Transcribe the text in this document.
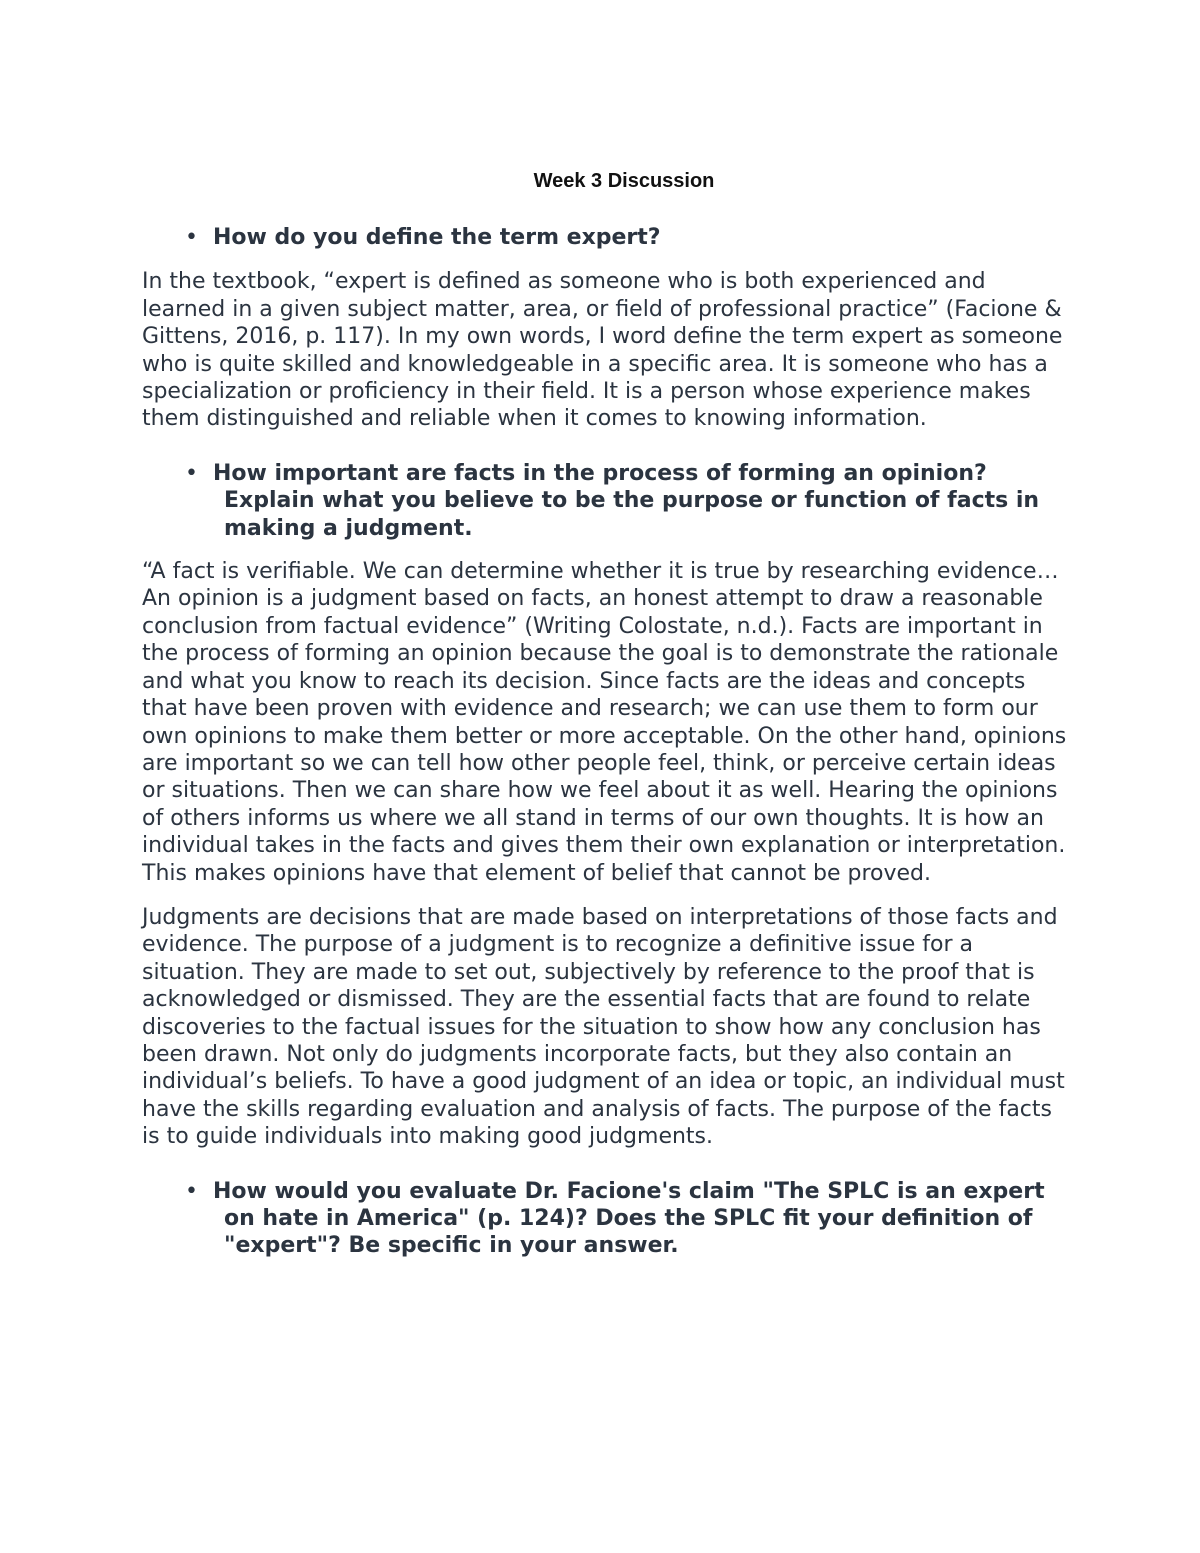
Week 3 Discussion

• How do you define the term expert?

In the textbook, “expert is defined as someone who is both experienced and learned in a given subject matter, area, or field of professional practice” (Facione & Gittens, 2016, p. 117). In my own words, I word define the term expert as someone who is quite skilled and knowledgeable in a specific area. It is someone who has a specialization or proficiency in their field. It is a person whose experience makes them distinguished and reliable when it comes to knowing information.

• How important are facts in the process of forming an opinion? Explain what you believe to be the purpose or function of facts in making a judgment.

“A fact is verifiable. We can determine whether it is true by researching evidence… An opinion is a judgment based on facts, an honest attempt to draw a reasonable conclusion from factual evidence” (Writing Colostate, n.d.). Facts are important in the process of forming an opinion because the goal is to demonstrate the rationale and what you know to reach its decision. Since facts are the ideas and concepts that have been proven with evidence and research; we can use them to form our own opinions to make them better or more acceptable. On the other hand, opinions are important so we can tell how other people feel, think, or perceive certain ideas or situations. Then we can share how we feel about it as well. Hearing the opinions of others informs us where we all stand in terms of our own thoughts. It is how an individual takes in the facts and gives them their own explanation or interpretation. This makes opinions have that element of belief that cannot be proved.

Judgments are decisions that are made based on interpretations of those facts and evidence. The purpose of a judgment is to recognize a definitive issue for a situation. They are made to set out, subjectively by reference to the proof that is acknowledged or dismissed. They are the essential facts that are found to relate discoveries to the factual issues for the situation to show how any conclusion has been drawn. Not only do judgments incorporate facts, but they also contain an individual’s beliefs. To have a good judgment of an idea or topic, an individual must have the skills regarding evaluation and analysis of facts. The purpose of the facts is to guide individuals into making good judgments.

• How would you evaluate Dr. Facione's claim "The SPLC is an expert on hate in America" (p. 124)? Does the SPLC fit your definition of "expert"? Be specific in your answer.
